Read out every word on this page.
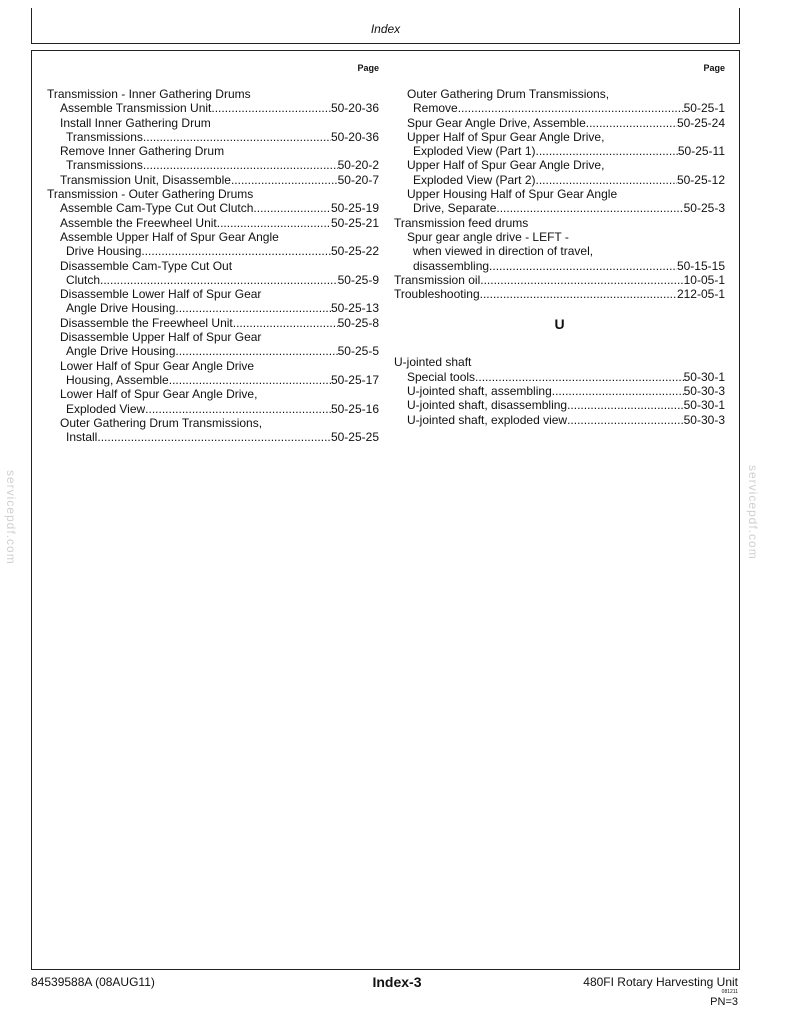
Index
Page
Transmission - Inner Gathering Drums
Assemble Transmission Unit .....	50-20-36
Install Inner Gathering Drum
Transmissions .....	50-20-36
Remove Inner Gathering Drum
Transmissions .....	50-20-2
Transmission Unit, Disassemble .....	50-20-7
Transmission - Outer Gathering Drums
Assemble Cam-Type Cut Out Clutch .....	50-25-19
Assemble the Freewheel Unit .....	50-25-21
Assemble Upper Half of Spur Gear Angle
Drive Housing .....	50-25-22
Disassemble Cam-Type Cut Out
Clutch .....	50-25-9
Disassemble Lower Half of Spur Gear
Angle Drive Housing .....	50-25-13
Disassemble the Freewheel Unit .....	50-25-8
Disassemble Upper Half of Spur Gear
Angle Drive Housing .....	50-25-5
Lower Half of Spur Gear Angle Drive
Housing, Assemble .....	50-25-17
Lower Half of Spur Gear Angle Drive,
Exploded View .....	50-25-16
Outer Gathering Drum Transmissions,
Install .....	50-25-25
Page
Outer Gathering Drum Transmissions,
Remove .....	50-25-1
Spur Gear Angle Drive, Assemble .....	50-25-24
Upper Half of Spur Gear Angle Drive,
Exploded View (Part 1) .....	50-25-11
Upper Half of Spur Gear Angle Drive,
Exploded View (Part 2) .....	50-25-12
Upper Housing Half of Spur Gear Angle
Drive, Separate .....	50-25-3
Transmission feed drums
Spur gear angle drive - LEFT -
when viewed in direction of travel,
disassembling .....	50-15-15
Transmission oil .....	10-05-1
Troubleshooting .....	212-05-1
U
U-jointed shaft
Special tools .....	50-30-1
U-jointed shaft, assembling .....	50-30-3
U-jointed shaft, disassembling .....	50-30-1
U-jointed shaft, exploded view .....	50-30-3
84539588A (08AUG11)	Index-3	480FI Rotary Harvesting Unit
081211
PN=3
servicepdf.com	servicepdf.com
